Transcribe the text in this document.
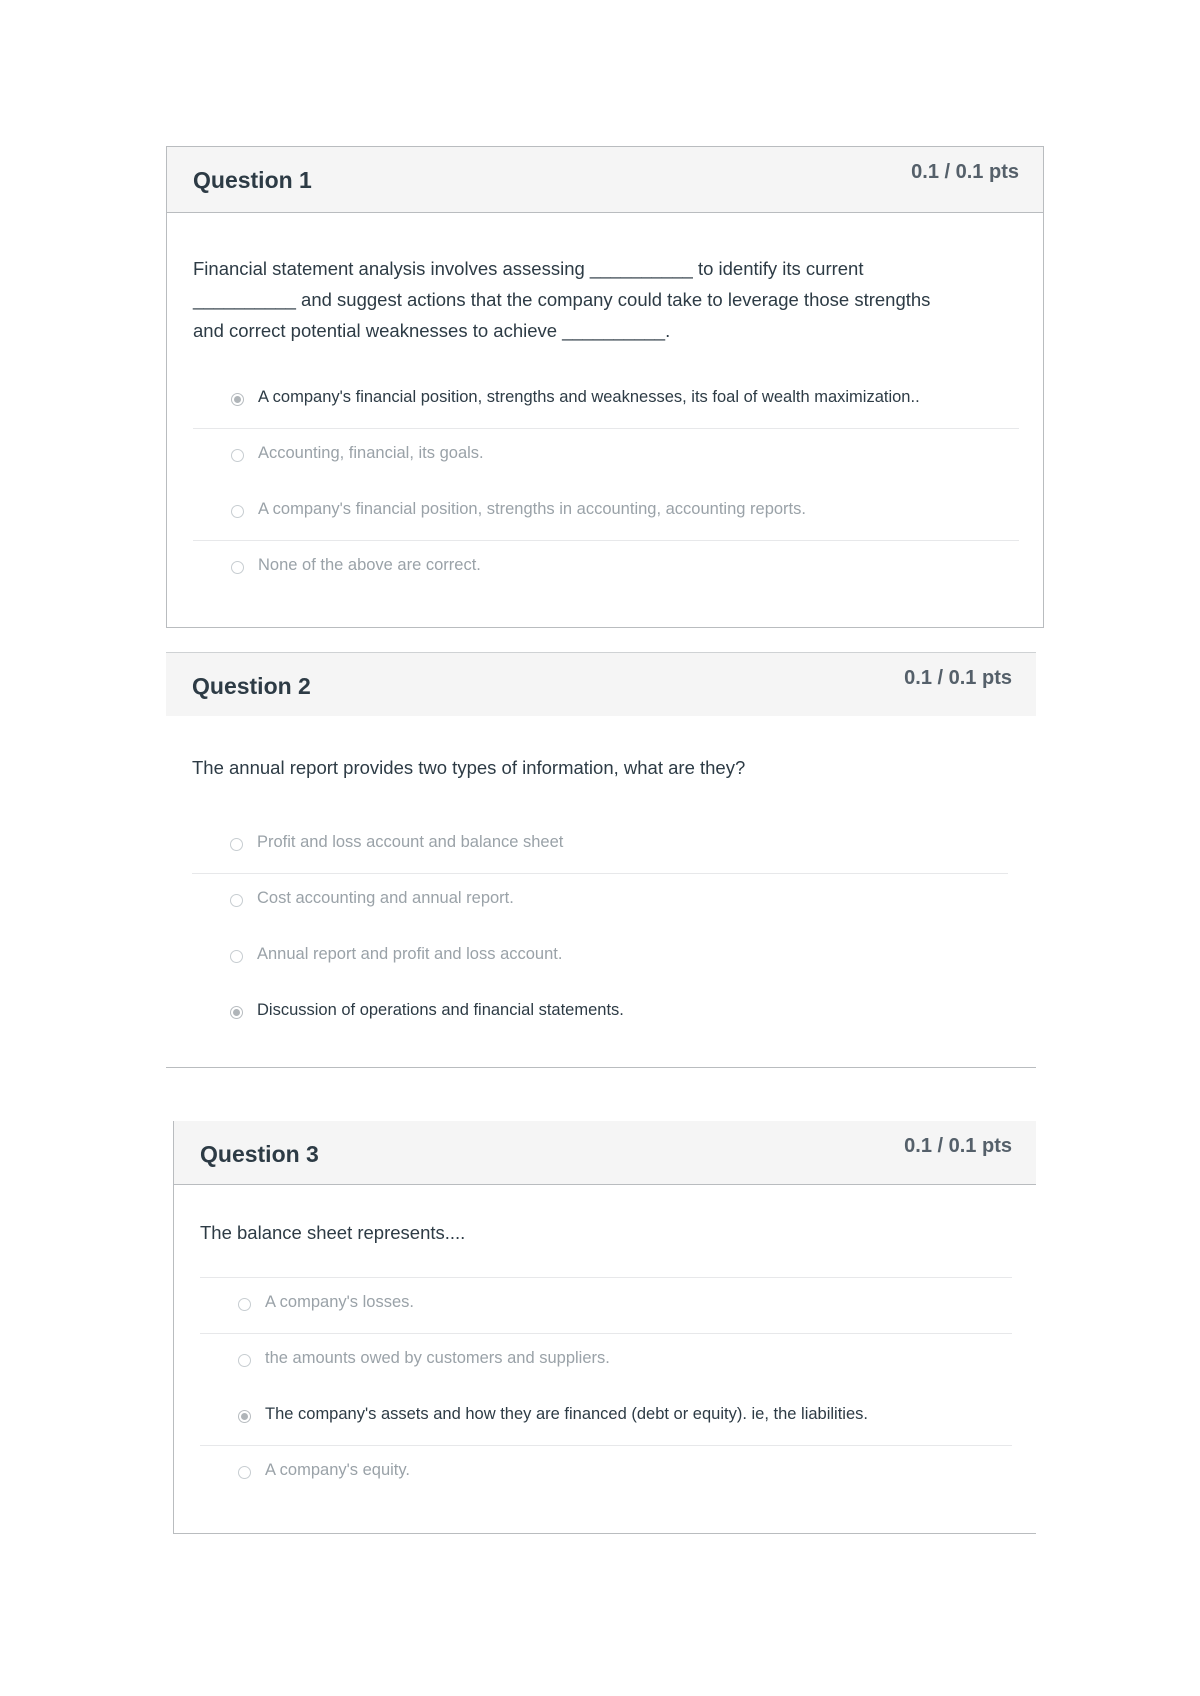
Question 1	0.1 / 0.1 pts
Financial statement analysis involves assessing __________ to identify its current
__________ and suggest actions that the company could take to leverage those strengths
and correct potential weaknesses to achieve __________.
A company's financial position, strengths and weaknesses, its foal of wealth maximization..
Accounting, financial, its goals.
A company's financial position, strengths in accounting, accounting reports.
None of the above are correct.
Question 2	0.1 / 0.1 pts
The annual report provides two types of information, what are they?
Profit and loss account and balance sheet
Cost accounting and annual report.
Annual report and profit and loss account.
Discussion of operations and financial statements.
Question 3	0.1 / 0.1 pts
The balance sheet represents....
A company's losses.
the amounts owed by customers and suppliers.
The company's assets and how they are financed (debt or equity). ie, the liabilities.
A company's equity.
